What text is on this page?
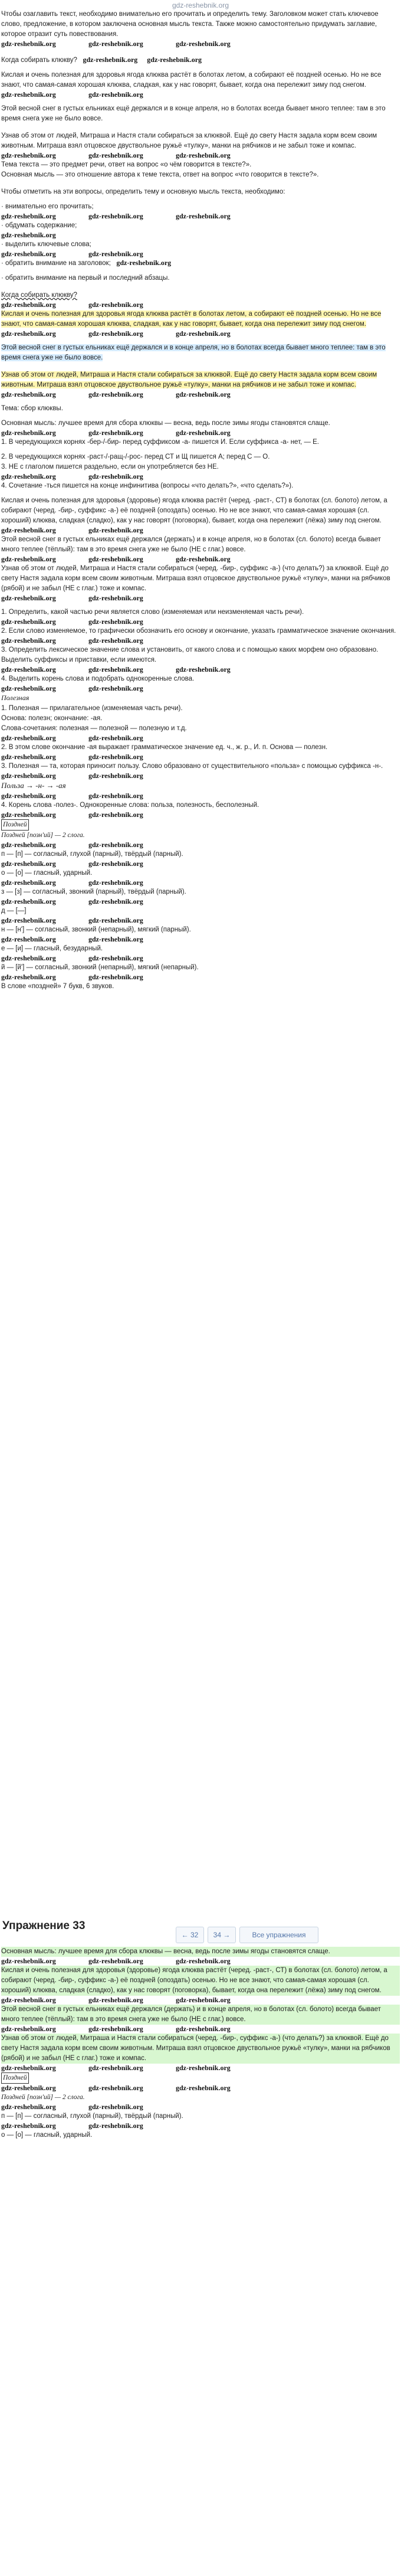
gdz-reshebnik.org

Чтобы озаглавить текст, необходимо внимательно его прочитать и определить тему. Заголовком может стать ключевое слово, предложение, в котором заключена основная мысль текста. Также можно самостоятельно придумать заглавие, которое отразит суть повествования.

gdz-reshebnik.org	gdz-reshebnik.org	gdz-reshebnik.org

Когда собирать клюкву? gdz-reshebnik.org gdz-reshebnik.org

Кислая и очень полезная для здоровья ягода клюква растёт в болотах летом, а собирают её поздней осенью. Но не все знают, что самая-самая хорошая клюква, сладкая, как у нас говорят, бывает, когда она перележит зиму под снегом.

gdz-reshebnik.org	gdz-reshebnik.org

Этой весной снег в густых ельниках ещё держался и в конце апреля, но в болотах всегда бывает много теплее: там в это время снега уже не было вовсе.

Узнав об этом от людей, Митраша и Настя стали собираться за клюквой. Ещё до свету Настя задала корм всем своим животным. Митраша взял отцовское двуствольное ружьё «тулку», манки на рябчиков и не забыл тоже и компас.

gdz-reshebnik.org	gdz-reshebnik.org	gdz-reshebnik.org

Тема текста — это предмет речи, ответ на вопрос «о чём говорится в тексте?».

Основная мысль — это отношение автора к теме текста, ответ на вопрос «что говорится в тексте?».

Чтобы отметить на эти вопросы, определить тему и основную мысль текста, необходимо:

· внимательно его прочитать;

gdz-reshebnik.org	gdz-reshebnik.org	gdz-reshebnik.org

· обдумать содержание;

gdz-reshebnik.org

· выделить ключевые слова;

gdz-reshebnik.org	gdz-reshebnik.org

· обратить внимание на заголовок; gdz-reshebnik.org

· обратить внимание на первый и последний абзацы.

Когда собирать клюкву?

gdz-reshebnik.org	gdz-reshebnik.org

Кислая и очень полезная для здоровья ягода клюква растёт в болотах летом, а собирают её поздней осенью. Но не все знают, что самая-самая хорошая клюква, сладкая, как у нас говорят, бывает, когда она перележит зиму под снегом.

gdz-reshebnik.org	gdz-reshebnik.org	gdz-reshebnik.org

Этой весной снег в густых ельниках ещё держался и в конце апреля, но в болотах всегда бывает много теплее: там в это время снега уже не было вовсе.

Узнав об этом от людей, Митраша и Настя стали собираться за клюквой. Ещё до свету Настя задала корм всем своим животным. Митраша взял отцовское двуствольное ружьё «тулку», манки на рябчиков и не забыл тоже и компас.

gdz-reshebnik.org	gdz-reshebnik.org	gdz-reshebnik.org

Тема: сбор клюквы.

Основная мысль: лучшее время для сбора клюквы — весна, ведь после зимы ягоды становятся слаще.

gdz-reshebnik.org	gdz-reshebnik.org	gdz-reshebnik.org

1. В чередующихся корнях -бер-/-бир- перед суффиксом -а- пишется И. Если суффикса -а- нет, — Е.

2. В чередующихся корнях -раст-/-ращ-/-рос- перед СТ и Щ пишется А; перед С — О.

3. НЕ с глаголом пишется раздельно, если он употребляется без НЕ.

gdz-reshebnik.org	gdz-reshebnik.org

4. Сочетание -ться пишется на конце инфинитива (вопросы «что делать?», «что сделать?»).

Кислая и очень полезная для здоровья (здоровье) ягода клюква растёт (черед. -раст-, СТ) в болотах (сл. болото) летом, а собирают (черед. -бир-, суффикс -а-) её поздней (опоздать) осенью. Но не все знают, что самая-самая хорошая (сл. хороший) клюква, сладкая (сладко), как у нас говорят (поговорка), бывает, когда она перележит (лёжа) зиму под снегом.

gdz-reshebnik.org	gdz-reshebnik.org

Этой весной снег в густых ельниках ещё держался (держать) и в конце апреля, но в болотах (сл. болото) всегда бывает много теплее (тёплый): там в это время снега уже не было (НЕ с глаг.) вовсе.

gdz-reshebnik.org	gdz-reshebnik.org	gdz-reshebnik.org

Узнав об этом от людей, Митраша и Настя стали собираться (черед. -бир-, суффикс -а-) (что делать?) за клюквой. Ещё до свету Настя задала корм всем своим животным. Митраша взял отцовское двуствольное ружьё «тулку», манки на рябчиков (рябой) и не забыл (НЕ с глаг.) тоже и компас.

gdz-reshebnik.org	gdz-reshebnik.org

1. Определить, какой частью речи является слово (изменяемая или неизменяемая часть речи).

gdz-reshebnik.org	gdz-reshebnik.org

2. Если слово изменяемое, то графически обозначить его основу и окончание, указать грамматическое значение окончания.

gdz-reshebnik.org	gdz-reshebnik.org

3. Определить лексическое значение слова и установить, от какого слова и с помощью каких морфем оно образовано. Выделить суффиксы и приставки, если имеются.

gdz-reshebnik.org	gdz-reshebnik.org	gdz-reshebnik.org

4. Выделить корень слова и подобрать однокоренные слова.

gdz-reshebnik.org	gdz-reshebnik.org

Полезная

1. Полезная — прилагательное (изменяемая часть речи).

Основа: полезн; окончание: -ая.

Слова-сочетания: полезная — полезной — полезную и т.д.

gdz-reshebnik.org	gdz-reshebnik.org

2. В этом слове окончание -ая выражает грамматическое значение ед. ч., ж. р., И. п. Основа — полезн.

gdz-reshebnik.org	gdz-reshebnik.org

3. Полезная — та, которая приносит пользу. Слово образовано от существительного «польза» с помощью суффикса -н-.

gdz-reshebnik.org	gdz-reshebnik.org

Польза → -н- → -ая

gdz-reshebnik.org	gdz-reshebnik.org

4. Корень слова -полез-. Однокоренные слова: польза, полезность, бесполезный.

gdz-reshebnik.org	gdz-reshebnik.org

Поздней

Поздней [позн'ий] — 2 слога.

gdz-reshebnik.org	gdz-reshebnik.org

п — [п] — согласный, глухой (парный), твёрдый (парный).

gdz-reshebnik.org	gdz-reshebnik.org

о — [о] — гласный, ударный.

gdz-reshebnik.org	gdz-reshebnik.org

з — [з] — согласный, звонкий (парный), твёрдый (парный).

gdz-reshebnik.org	gdz-reshebnik.org

д — [—]

gdz-reshebnik.org	gdz-reshebnik.org

н — [н'] — согласный, звонкий (непарный), мягкий (парный).

gdz-reshebnik.org	gdz-reshebnik.org

е — [и] — гласный, безударный.

gdz-reshebnik.org	gdz-reshebnik.org

й — [й'] — согласный, звонкий (непарный), мягкий (непарный).

gdz-reshebnik.org	gdz-reshebnik.org

В слове «поздней» 7 букв, 6 звуков.

Упражнение 33
← 32	34 →	Все упражнения

Основная мысль: лучшее время для сбора клюквы — весна, ведь после зимы ягоды становятся слаще.

gdz-reshebnik.org	gdz-reshebnik.org	gdz-reshebnik.org

Кислая и очень полезная для здоровья (здоровье) ягода клюква растёт (черед. -раст-, СТ) в болотах (сл. болото) летом, а собирают (черед. -бир-, суффикс -а-) её поздней (опоздать) осенью. Но не все знают, что самая-самая хорошая (сл. хороший) клюква, сладкая (сладко), как у нас говорят (поговорка), бывает, когда она перележит (лёжа) зиму под снегом.

gdz-reshebnik.org	gdz-reshebnik.org	gdz-reshebnik.org

Этой весной снег в густых ельниках ещё держался (держать) и в конце апреля, но в болотах (сл. болото) всегда бывает много теплее (тёплый): там в это время снега уже не было (НЕ с глаг.) вовсе.

gdz-reshebnik.org	gdz-reshebnik.org	gdz-reshebnik.org

Узнав об этом от людей, Митраша и Настя стали собираться (черед. -бир-, суффикс -а-) (что делать?) за клюквой. Ещё до свету Настя задала корм всем своим животным. Митраша взял отцовское двуствольное ружьё «тулку», манки на рябчиков (рябой) и не забыл (НЕ с глаг.) тоже и компас.

gdz-reshebnik.org	gdz-reshebnik.org	gdz-reshebnik.org

Поздней

gdz-reshebnik.org	gdz-reshebnik.org	gdz-reshebnik.org

Поздней [позн'ий] — 2 слога.

gdz-reshebnik.org	gdz-reshebnik.org

п — [п] — согласный, глухой (парный), твёрдый (парный).

gdz-reshebnik.org	gdz-reshebnik.org

о — [о] — гласный, ударный.
